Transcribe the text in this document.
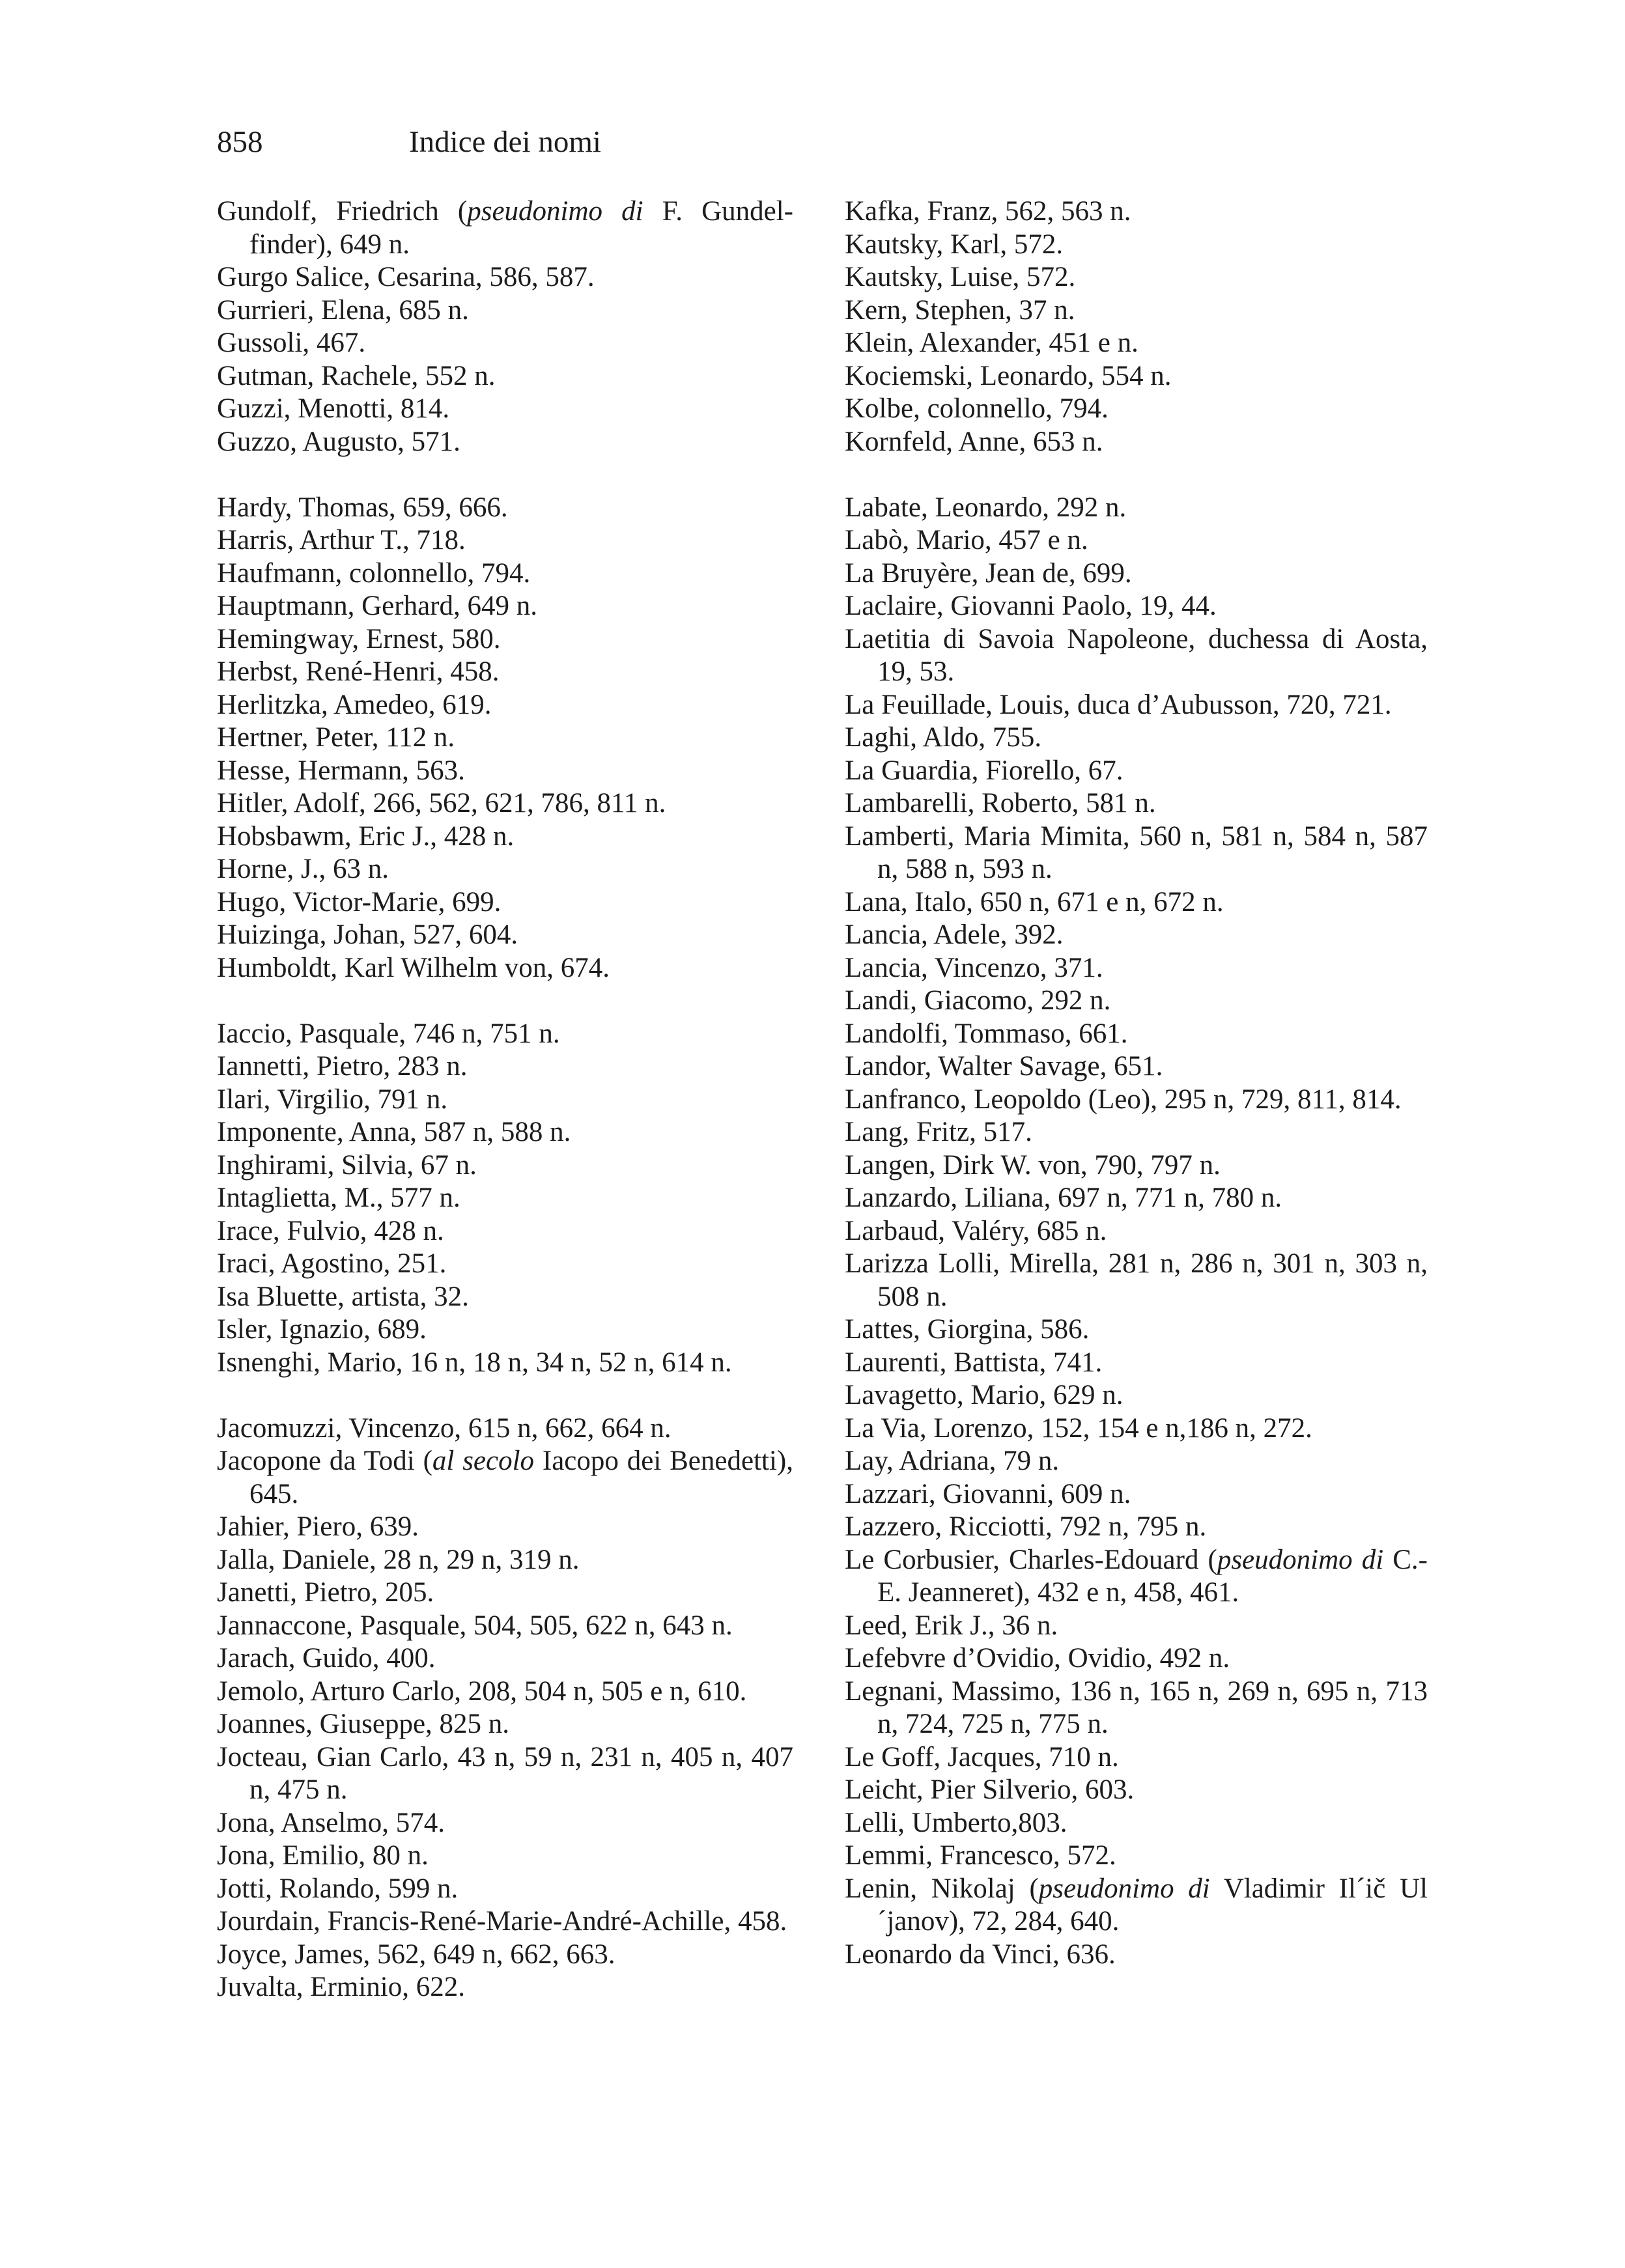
858	Indice dei nomi
Gundolf, Friedrich (pseudonimo di F. Gundelfinder), 649 n.
Gurgo Salice, Cesarina, 586, 587.
Gurrieri, Elena, 685 n.
Gussoli, 467.
Gutman, Rachele, 552 n.
Guzzi, Menotti, 814.
Guzzo, Augusto, 571.
Hardy, Thomas, 659, 666.
Harris, Arthur T., 718.
Haufmann, colonnello, 794.
Hauptmann, Gerhard, 649 n.
Hemingway, Ernest, 580.
Herbst, René-Henri, 458.
Herlitzka, Amedeo, 619.
Hertner, Peter, 112 n.
Hesse, Hermann, 563.
Hitler, Adolf, 266, 562, 621, 786, 811 n.
Hobsbawm, Eric J., 428 n.
Horne, J., 63 n.
Hugo, Victor-Marie, 699.
Huizinga, Johan, 527, 604.
Humboldt, Karl Wilhelm von, 674.
Iaccio, Pasquale, 746 n, 751 n.
Iannetti, Pietro, 283 n.
Ilari, Virgilio, 791 n.
Imponente, Anna, 587 n, 588 n.
Inghirami, Silvia, 67 n.
Intaglietta, M., 577 n.
Irace, Fulvio, 428 n.
Iraci, Agostino, 251.
Isa Bluette, artista, 32.
Isler, Ignazio, 689.
Isnenghi, Mario, 16 n, 18 n, 34 n, 52 n, 614 n.
Jacomuzzi, Vincenzo, 615 n, 662, 664 n.
Jacopone da Todi (al secolo Iacopo dei Benedetti), 645.
Jahier, Piero, 639.
Jalla, Daniele, 28 n, 29 n, 319 n.
Janetti, Pietro, 205.
Jannaccone, Pasquale, 504, 505, 622 n, 643 n.
Jarach, Guido, 400.
Jemolo, Arturo Carlo, 208, 504 n, 505 e n, 610.
Joannes, Giuseppe, 825 n.
Jocteau, Gian Carlo, 43 n, 59 n, 231 n, 405 n, 407 n, 475 n.
Jona, Anselmo, 574.
Jona, Emilio, 80 n.
Jotti, Rolando, 599 n.
Jourdain, Francis-René-Marie-André-Achille, 458.
Joyce, James, 562, 649 n, 662, 663.
Juvalta, Erminio, 622.
Kafka, Franz, 562, 563 n.
Kautsky, Karl, 572.
Kautsky, Luise, 572.
Kern, Stephen, 37 n.
Klein, Alexander, 451 e n.
Kociemski, Leonardo, 554 n.
Kolbe, colonnello, 794.
Kornfeld, Anne, 653 n.
Labate, Leonardo, 292 n.
Labò, Mario, 457 e n.
La Bruyère, Jean de, 699.
Laclaire, Giovanni Paolo, 19, 44.
Laetitia di Savoia Napoleone, duchessa di Aosta, 19, 53.
La Feuillade, Louis, duca d’Aubusson, 720, 721.
Laghi, Aldo, 755.
La Guardia, Fiorello, 67.
Lambarelli, Roberto, 581 n.
Lamberti, Maria Mimita, 560 n, 581 n, 584 n, 587 n, 588 n, 593 n.
Lana, Italo, 650 n, 671 e n, 672 n.
Lancia, Adele, 392.
Lancia, Vincenzo, 371.
Landi, Giacomo, 292 n.
Landolfi, Tommaso, 661.
Landor, Walter Savage, 651.
Lanfranco, Leopoldo (Leo), 295 n, 729, 811, 814.
Lang, Fritz, 517.
Langen, Dirk W. von, 790, 797 n.
Lanzardo, Liliana, 697 n, 771 n, 780 n.
Larbaud, Valéry, 685 n.
Larizza Lolli, Mirella, 281 n, 286 n, 301 n, 303 n, 508 n.
Lattes, Giorgina, 586.
Laurenti, Battista, 741.
Lavagetto, Mario, 629 n.
La Via, Lorenzo, 152, 154 e n,186 n, 272.
Lay, Adriana, 79 n.
Lazzari, Giovanni, 609 n.
Lazzero, Ricciotti, 792 n, 795 n.
Le Corbusier, Charles-Edouard (pseudonimo di C.-E. Jeanneret), 432 e n, 458, 461.
Leed, Erik J., 36 n.
Lefebvre d’Ovidio, Ovidio, 492 n.
Legnani, Massimo, 136 n, 165 n, 269 n, 695 n, 713 n, 724, 725 n, 775 n.
Le Goff, Jacques, 710 n.
Leicht, Pier Silverio, 603.
Lelli, Umberto,803.
Lemmi, Francesco, 572.
Lenin, Nikolaj (pseudonimo di Vladimir Il´ič Ul´janov), 72, 284, 640.
Leonardo da Vinci, 636.
